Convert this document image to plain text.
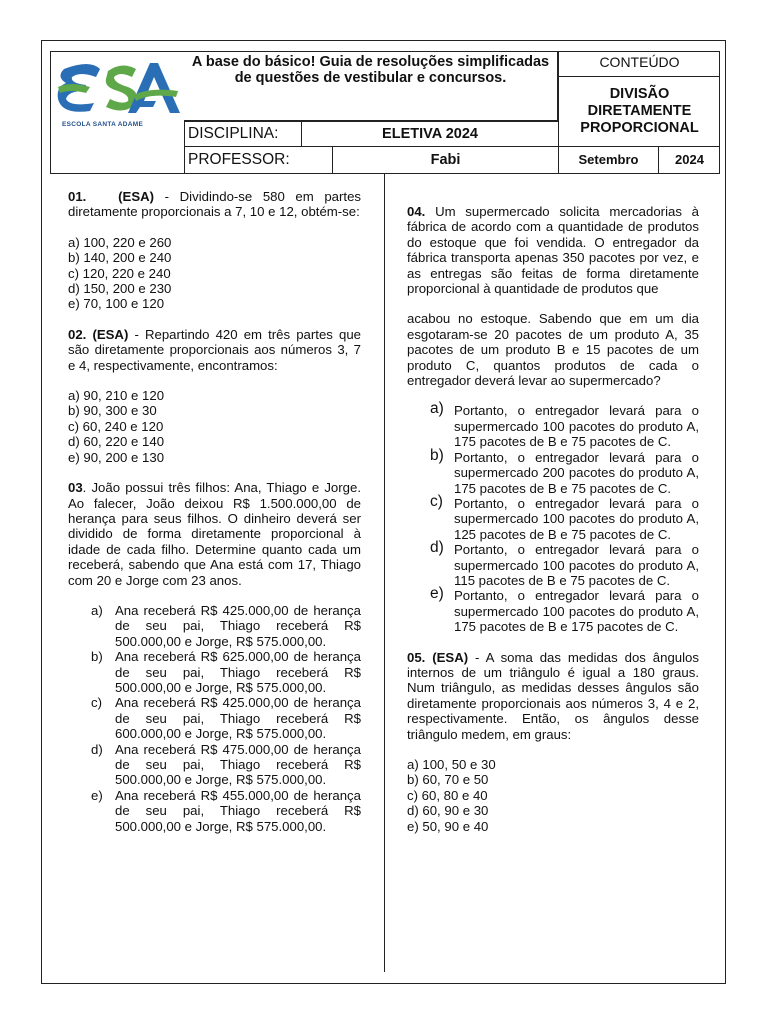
ESCOLA SANTA ADAME
A base do básico! Guia de resoluções simplificadas de questões de vestibular e concursos.
CONTEÚDO
DIVISÃO DIRETAMENTE PROPORCIONAL
DISCIPLINA:	ELETIVA 2024
PROFESSOR:	Fabi	Setembro	2024

01. (ESA) - Dividindo-se 580 em partes diretamente proporcionais a 7, 10 e 12, obtém-se:

a) 100, 220 e 260
b) 140, 200 e 240
c) 120, 220 e 240
d) 150, 200 e 230
e) 70, 100 e 120

02. (ESA) - Repartindo 420 em três partes que são diretamente proporcionais aos números 3, 7 e 4, respectivamente, encontramos:

a) 90, 210 e 120
b) 90, 300 e 30
c) 60, 240 e 120
d) 60, 220 e 140
e) 90, 200 e 130

03. João possui três filhos: Ana, Thiago e Jorge. Ao falecer, João deixou R$ 1.500.000,00 de herança para seus filhos. O dinheiro deverá ser dividido de forma diretamente proporcional à idade de cada filho. Determine quanto cada um receberá, sabendo que Ana está com 17, Thiago com 20 e Jorge com 23 anos.

a) Ana receberá R$ 425.000,00 de herança de seu pai, Thiago receberá R$ 500.000,00 e Jorge, R$ 575.000,00.
b) Ana receberá R$ 625.000,00 de herança de seu pai, Thiago receberá R$ 500.000,00 e Jorge, R$ 575.000,00.
c) Ana receberá R$ 425.000,00 de herança de seu pai, Thiago receberá R$ 600.000,00 e Jorge, R$ 575.000,00.
d) Ana receberá R$ 475.000,00 de herança de seu pai, Thiago receberá R$ 500.000,00 e Jorge, R$ 575.000,00.
e) Ana receberá R$ 455.000,00 de herança de seu pai, Thiago receberá R$ 500.000,00 e Jorge, R$ 575.000,00.

04. Um supermercado solicita mercadorias à fábrica de acordo com a quantidade de produtos do estoque que foi vendida. O entregador da fábrica transporta apenas 350 pacotes por vez, e as entregas são feitas de forma diretamente proporcional à quantidade de produtos que

acabou no estoque. Sabendo que em um dia esgotaram-se 20 pacotes de um produto A, 35 pacotes de um produto B e 15 pacotes de um produto C, quantos produtos de cada o entregador deverá levar ao supermercado?

a) Portanto, o entregador levará para o supermercado 100 pacotes do produto A, 175 pacotes de B e 75 pacotes de C.
b) Portanto, o entregador levará para o supermercado 200 pacotes do produto A, 175 pacotes de B e 75 pacotes de C.
c) Portanto, o entregador levará para o supermercado 100 pacotes do produto A, 125 pacotes de B e 75 pacotes de C.
d) Portanto, o entregador levará para o supermercado 100 pacotes do produto A, 115 pacotes de B e 75 pacotes de C.
e) Portanto, o entregador levará para o supermercado 100 pacotes do produto A, 175 pacotes de B e 175 pacotes de C.

05. (ESA) - A soma das medidas dos ângulos internos de um triângulo é igual a 180 graus. Num triângulo, as medidas desses ângulos são diretamente proporcionais aos números 3, 4 e 2, respectivamente. Então, os ângulos desse triângulo medem, em graus:

a) 100, 50 e 30
b) 60, 70 e 50
c) 60, 80 e 40
d) 60, 90 e 30
e) 50, 90 e 40
